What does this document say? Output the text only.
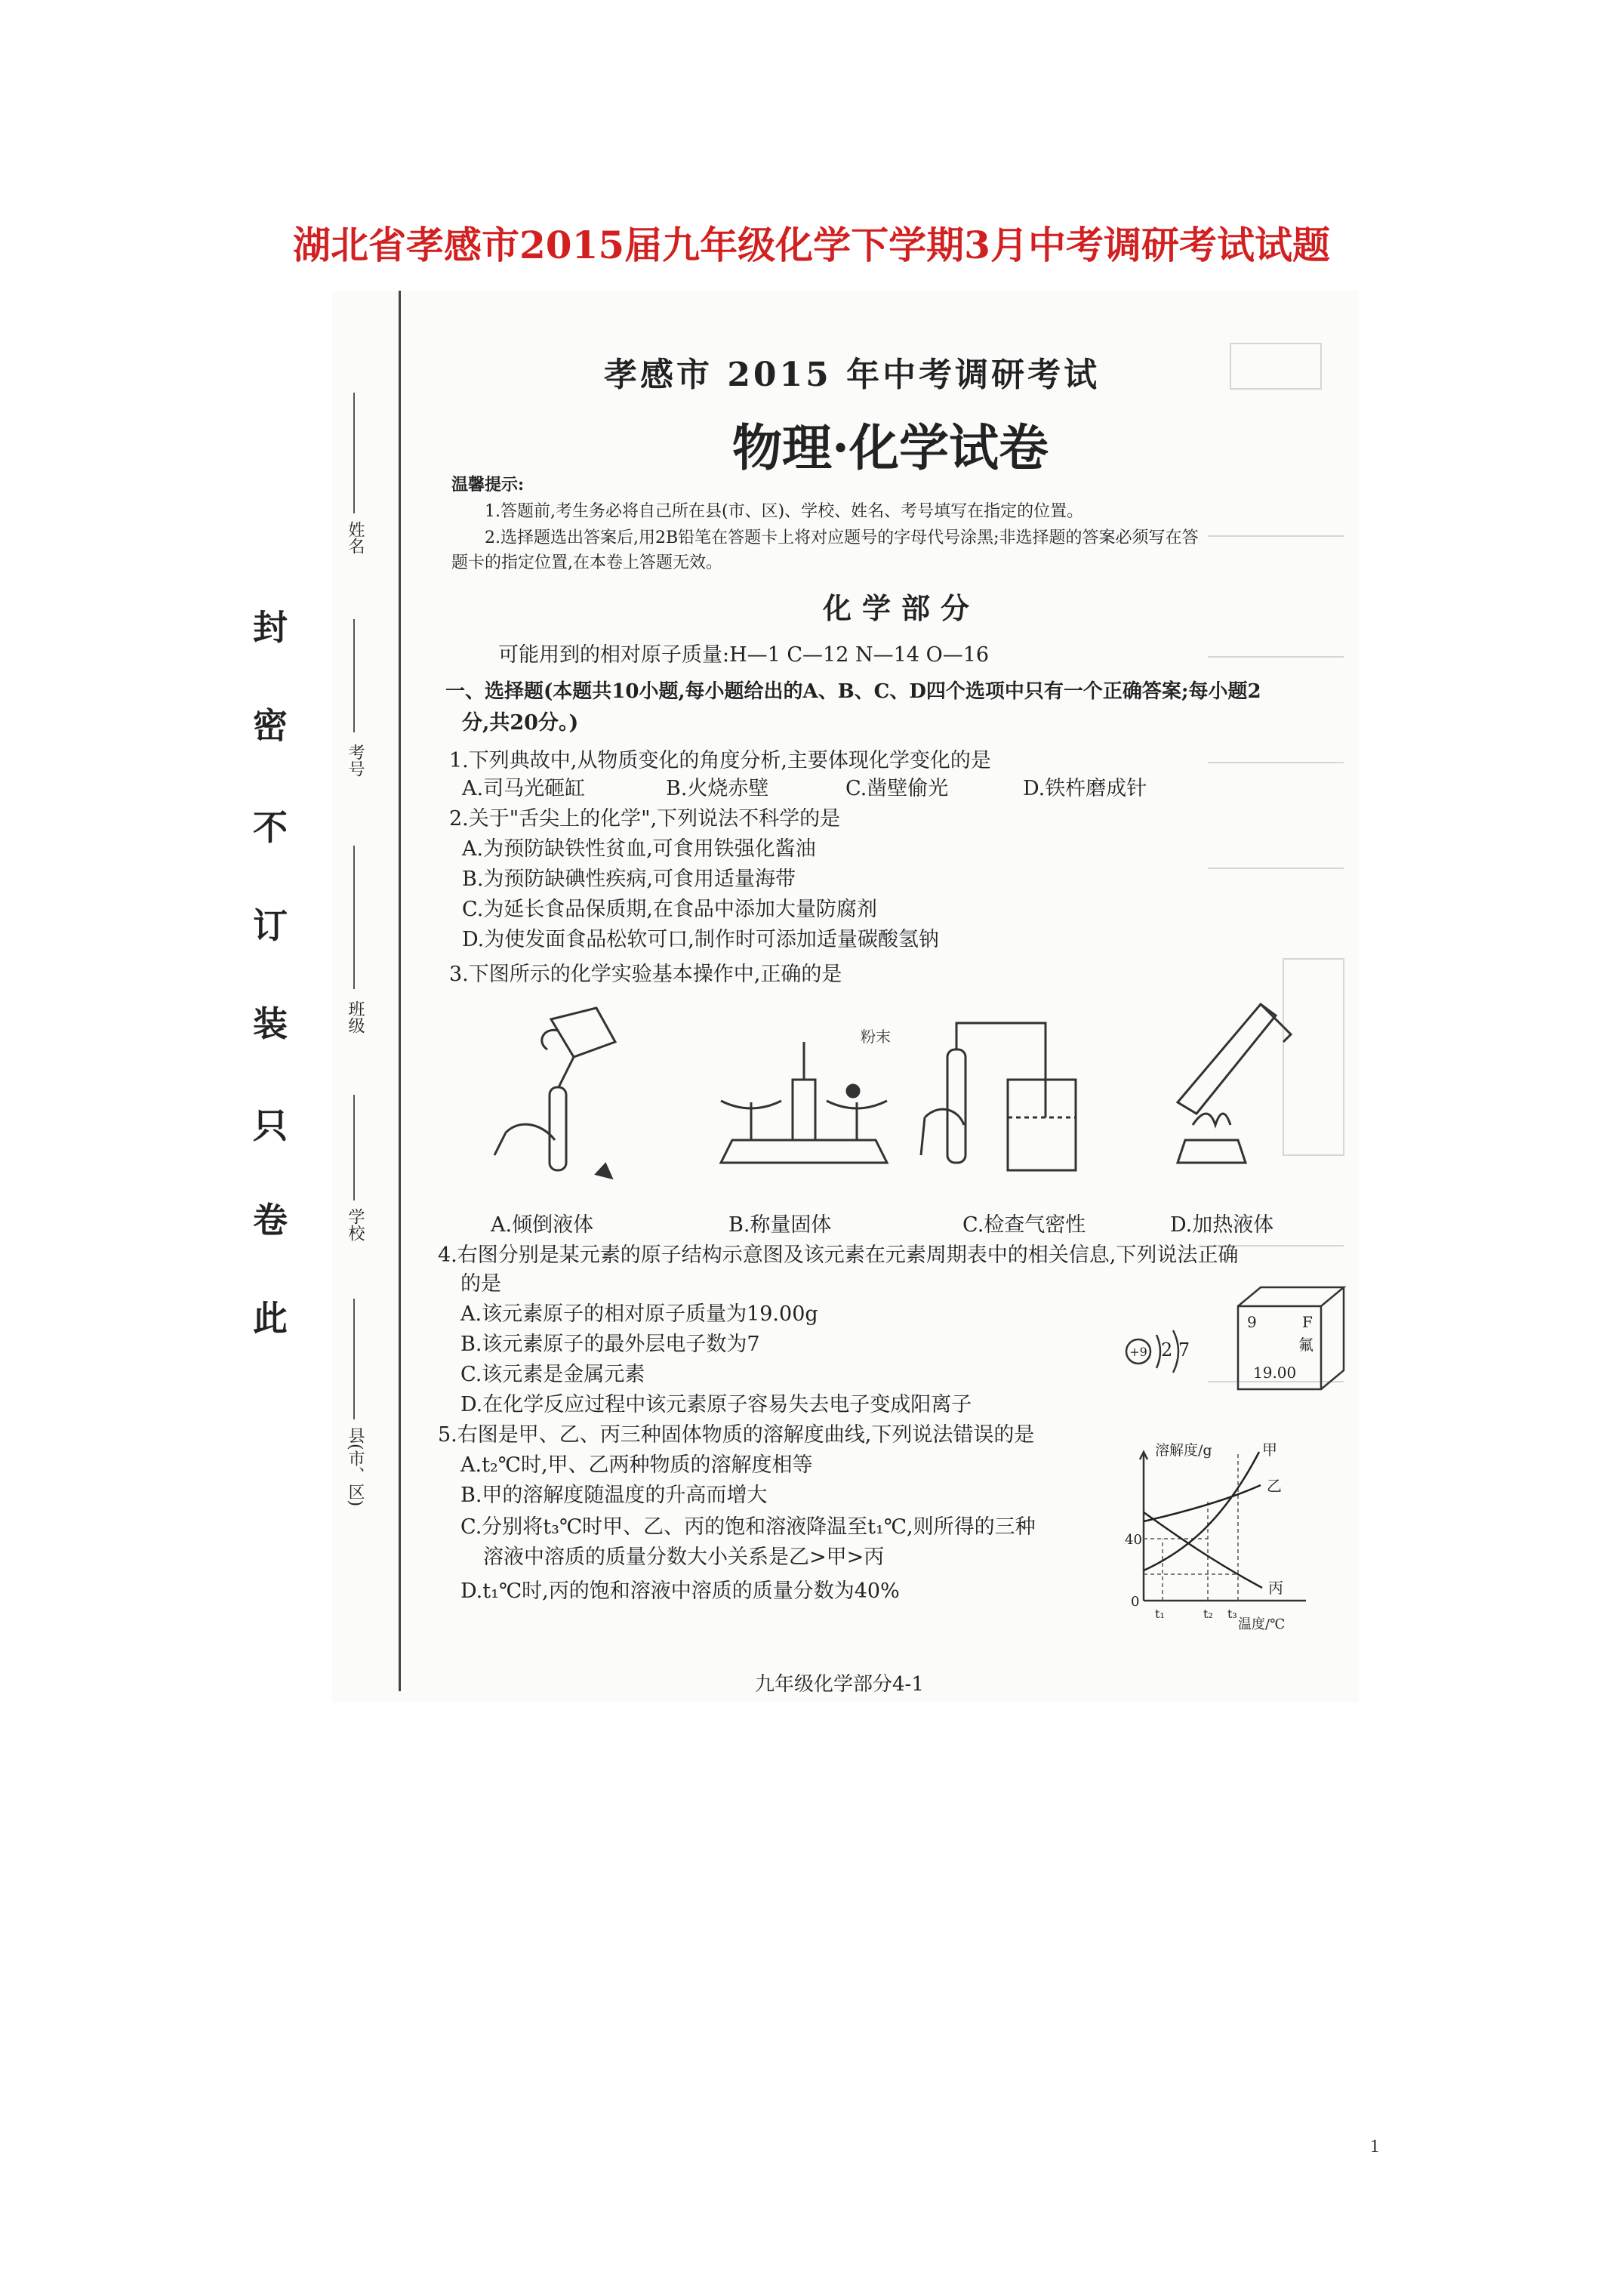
湖北省孝感市2015届九年级化学下学期3月中考调研考试试题
此
卷
只
装
订
不
密
封
姓名
考号
班级
学校
县(市、区)
孝感市 2015 年中考调研考试
物理·化学试卷
温馨提示:
1.答题前,考生务必将自己所在县(市、区)、学校、姓名、考号填写在指定的位置。
2.选择题选出答案后,用2B铅笔在答题卡上将对应题号的字母代号涂黑;非选择题的答案必须写在答
题卡的指定位置,在本卷上答题无效。
化学部分
可能用到的相对原子质量:H—1 C—12 N—14 O—16
一、选择题(本题共10小题,每小题给出的A、B、C、D四个选项中只有一个正确答案;每小题2
分,共20分。)
1.下列典故中,从物质变化的角度分析,主要体现化学变化的是
A.司马光砸缸	B.火烧赤壁	C.凿壁偷光	D.铁杵磨成针
2.关于"舌尖上的化学",下列说法不科学的是
A.为预防缺铁性贫血,可食用铁强化酱油
B.为预防缺碘性疾病,可食用适量海带
C.为延长食品保质期,在食品中添加大量防腐剂
D.为使发面食品松软可口,制作时可添加适量碳酸氢钠
3.下图所示的化学实验基本操作中,正确的是
粉末
A.倾倒液体	B.称量固体	C.检查气密性	D.加热液体
4.右图分别是某元素的原子结构示意图及该元素在元素周期表中的相关信息,下列说法正确
的是
A.该元素原子的相对原子质量为19.00g
B.该元素原子的最外层电子数为7
C.该元素是金属元素
D.在化学反应过程中该元素原子容易失去电子变成阳离子
+9 2 7
9	F
氟
19.00
5.右图是甲、乙、丙三种固体物质的溶解度曲线,下列说法错误的是
A.t₂℃时,甲、乙两种物质的溶解度相等
B.甲的溶解度随温度的升高而增大
C.分别将t₃℃时甲、乙、丙的饱和溶液降温至t₁℃,则所得的三种
溶液中溶质的质量分数大小关系是乙>甲>丙
D.t₁℃时,丙的饱和溶液中溶质的质量分数为40%
溶解度/g
温度/℃
0
40
t₁	t₂ t₃
甲
乙
丙
九年级化学部分4-1
1
